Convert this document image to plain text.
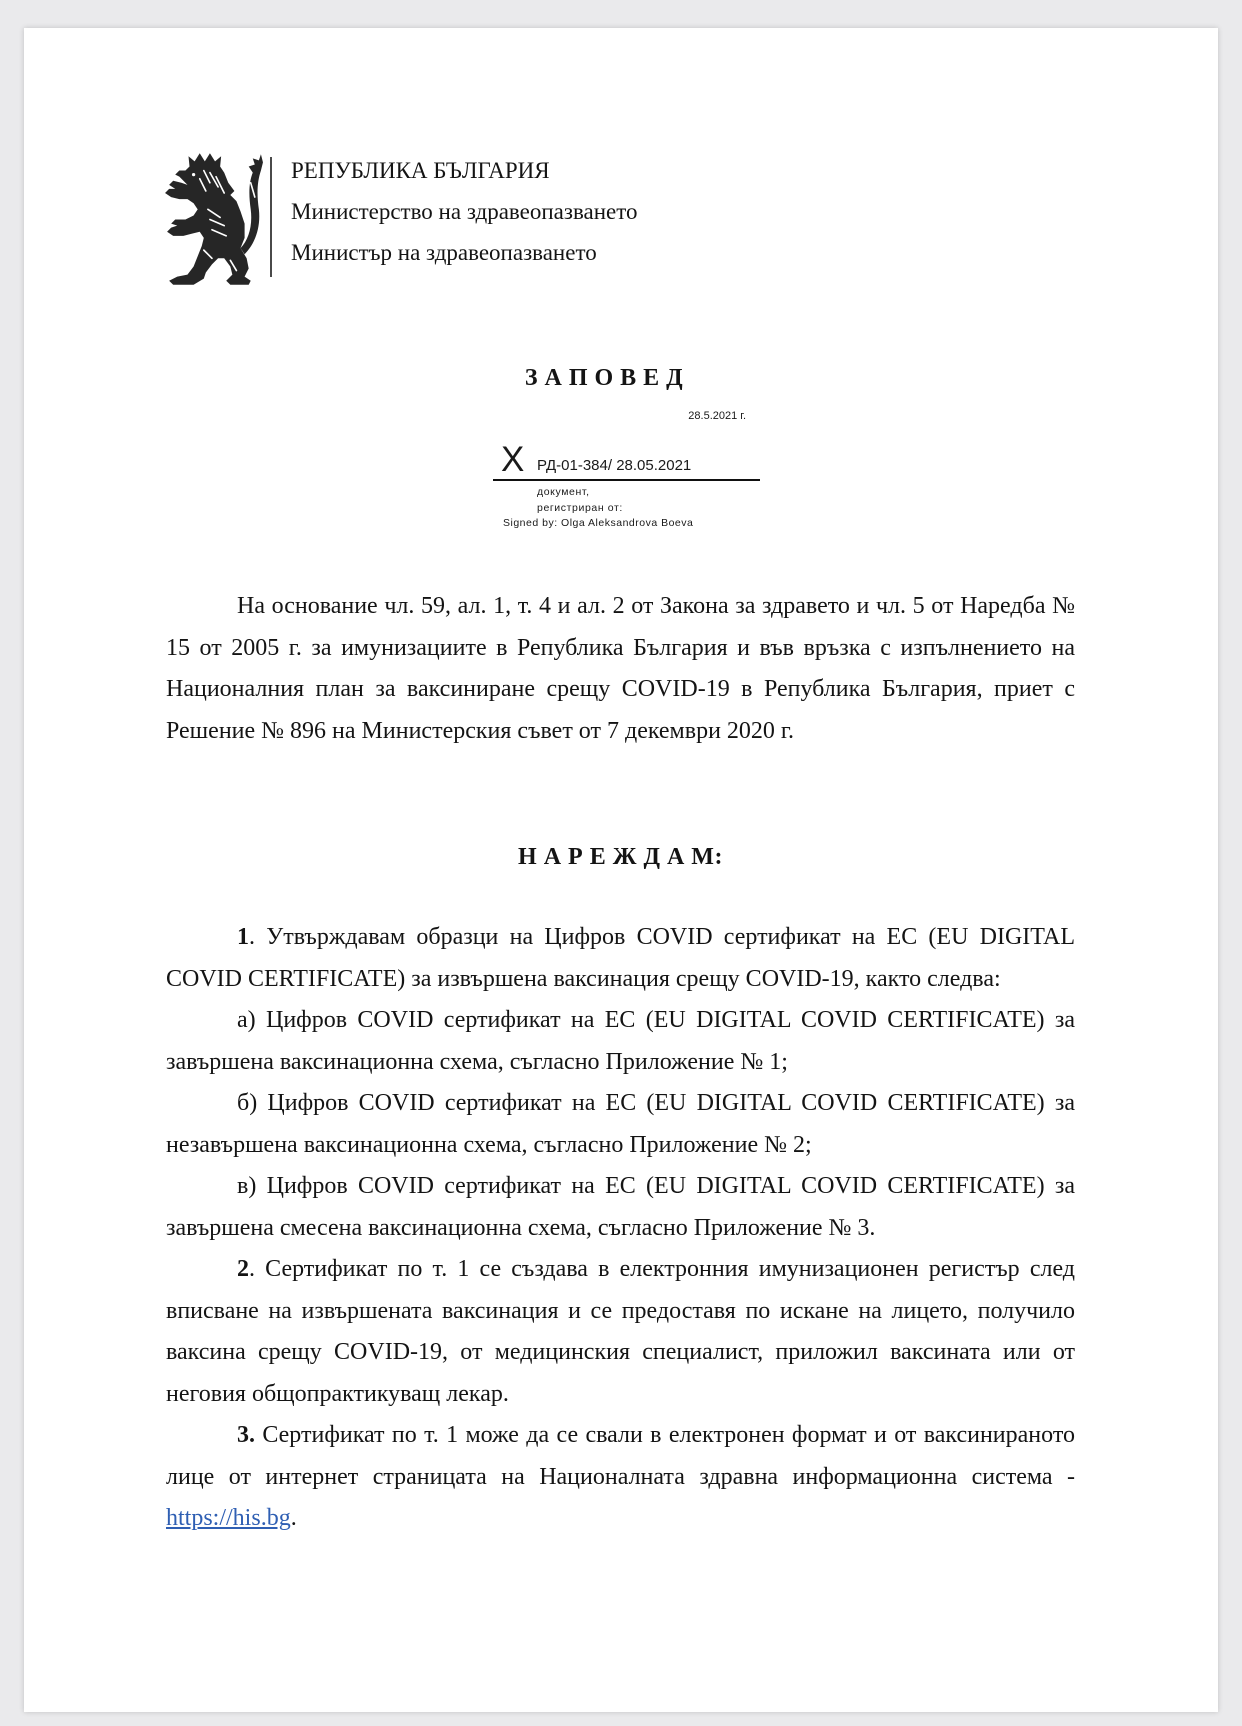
РЕПУБЛИКА БЪЛГАРИЯ
Министерство на здравеопазването
Министър на здравеопазването
З А П О В Е Д
28.5.2021 г.
X РД-01-384/ 28.05.2021
документ,
регистриран от:
Signed by: Olga Aleksandrova Boeva

На основание чл. 59, ал. 1, т. 4 и ал. 2 от Закона за здравето и чл. 5 от Наредба № 15 от 2005 г. за имунизациите в Република България и във връзка с изпълнението на Националния план за ваксиниране срещу COVID-19 в Република България, приет с Решение № 896 на Министерския съвет от 7 декември 2020 г.

Н А Р Е Ж Д А М:

1. Утвърждавам образци на Цифров COVID сертификат на ЕС (EU DIGITAL COVID CERTIFICATE) за извършена ваксинация срещу COVID-19, както следва:

а) Цифров COVID сертификат на ЕС (EU DIGITAL COVID CERTIFICATE) за завършена ваксинационна схема, съгласно Приложение № 1;

б) Цифров COVID сертификат на ЕС (EU DIGITAL COVID CERTIFICATE) за незавършена ваксинационна схема, съгласно Приложение № 2;

в) Цифров COVID сертификат на ЕС (EU DIGITAL COVID CERTIFICATE) за завършена смесена ваксинационна схема, съгласно Приложение № 3.

2. Сертификат по т. 1 се създава в електронния имунизационен регистър след вписване на извършената ваксинация и се предоставя по искане на лицето, получило ваксина срещу COVID-19, от медицинския специалист, приложил ваксината или от неговия общопрактикуващ лекар.

3. Сертификат по т. 1 може да се свали в електронен формат и от ваксинираното лице от интернет страницата на Националната здравна информационна система - https://his.bg.
